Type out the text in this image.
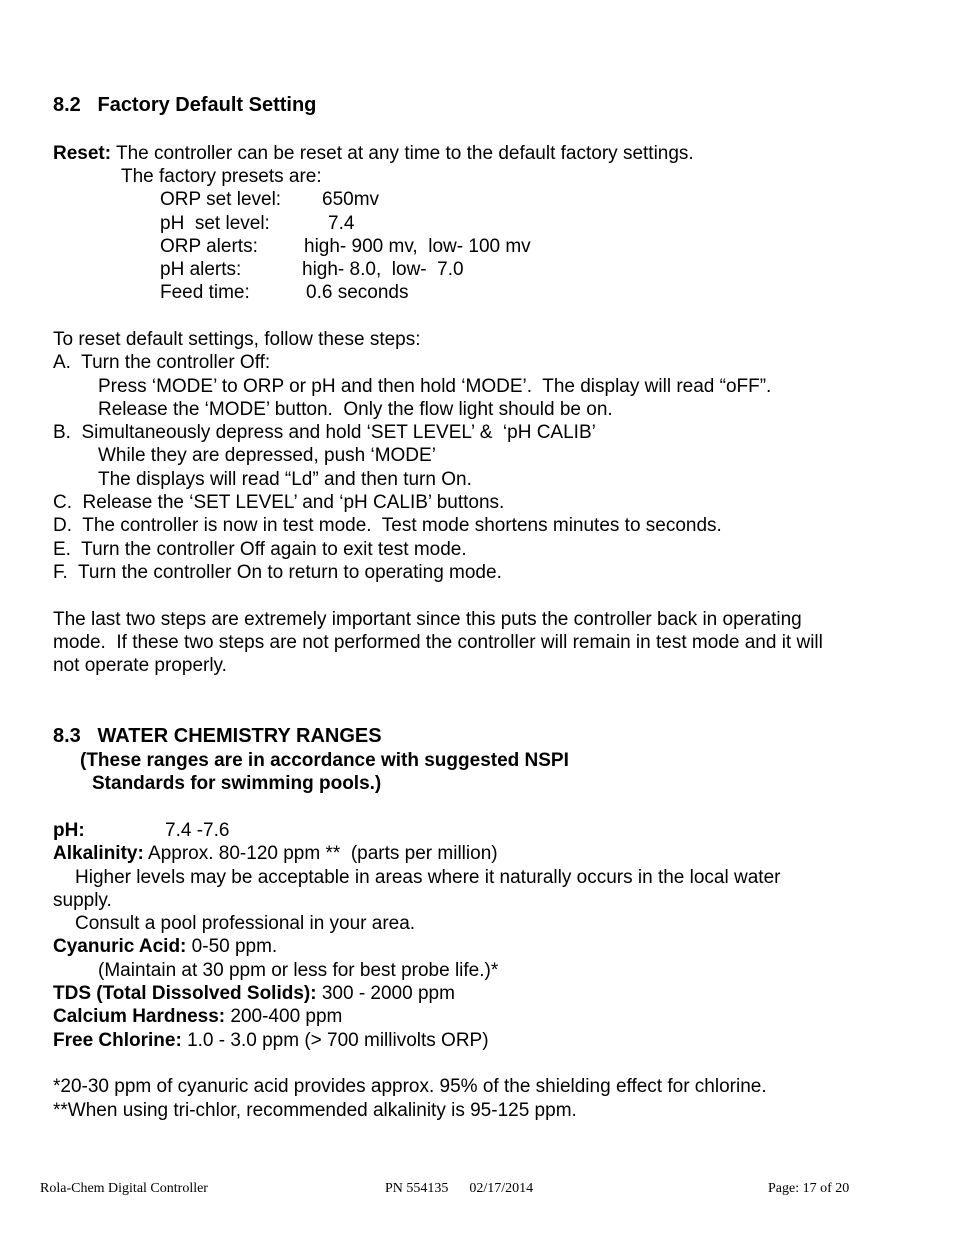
8.2   Factory Default Setting
Reset: The controller can be reset at any time to the default factory settings.
The factory presets are:
ORP set level: 650mv
pH  set level:	7.4
ORP alerts: high- 900 mv,  low- 100 mv
pH alerts:	high- 8.0,  low-  7.0
Feed time:	0.6 seconds
To reset default settings, follow these steps:
A.  Turn the controller Off:
Press ‘MODE’ to ORP or pH and then hold ‘MODE’.  The display will read “oFF”.
Release the ‘MODE’ button.  Only the flow light should be on.
B.  Simultaneously depress and hold ‘SET LEVEL’ &  ‘pH CALIB’
While they are depressed, push ‘MODE’
The displays will read “Ld” and then turn On.
C.  Release the ‘SET LEVEL’ and ‘pH CALIB’ buttons.
D.  The controller is now in test mode.  Test mode shortens minutes to seconds.
E.  Turn the controller Off again to exit test mode.
F.  Turn the controller On to return to operating mode.
The last two steps are extremely important since this puts the controller back in operating
mode.  If these two steps are not performed the controller will remain in test mode and it will
not operate properly.
8.3   WATER CHEMISTRY RANGES
(These ranges are in accordance with suggested NSPI
Standards for swimming pools.)
pH:	7.4 -7.6
Alkalinity: Approx. 80-120 ppm **  (parts per million)
Higher levels may be acceptable in areas where it naturally occurs in the local water
supply.
Consult a pool professional in your area.
Cyanuric Acid: 0-50 ppm.
(Maintain at 30 ppm or less for best probe life.)*
TDS (Total Dissolved Solids): 300 - 2000 ppm
Calcium Hardness: 200-400 ppm
Free Chlorine: 1.0 - 3.0 ppm (> 700 millivolts ORP)
*20-30 ppm of cyanuric acid provides approx. 95% of the shielding effect for chlorine.
**When using tri-chlor, recommended alkalinity is 95-125 ppm.
Rola-Chem Digital Controller	PN 554135      02/17/2014	Page: 17 of 20
